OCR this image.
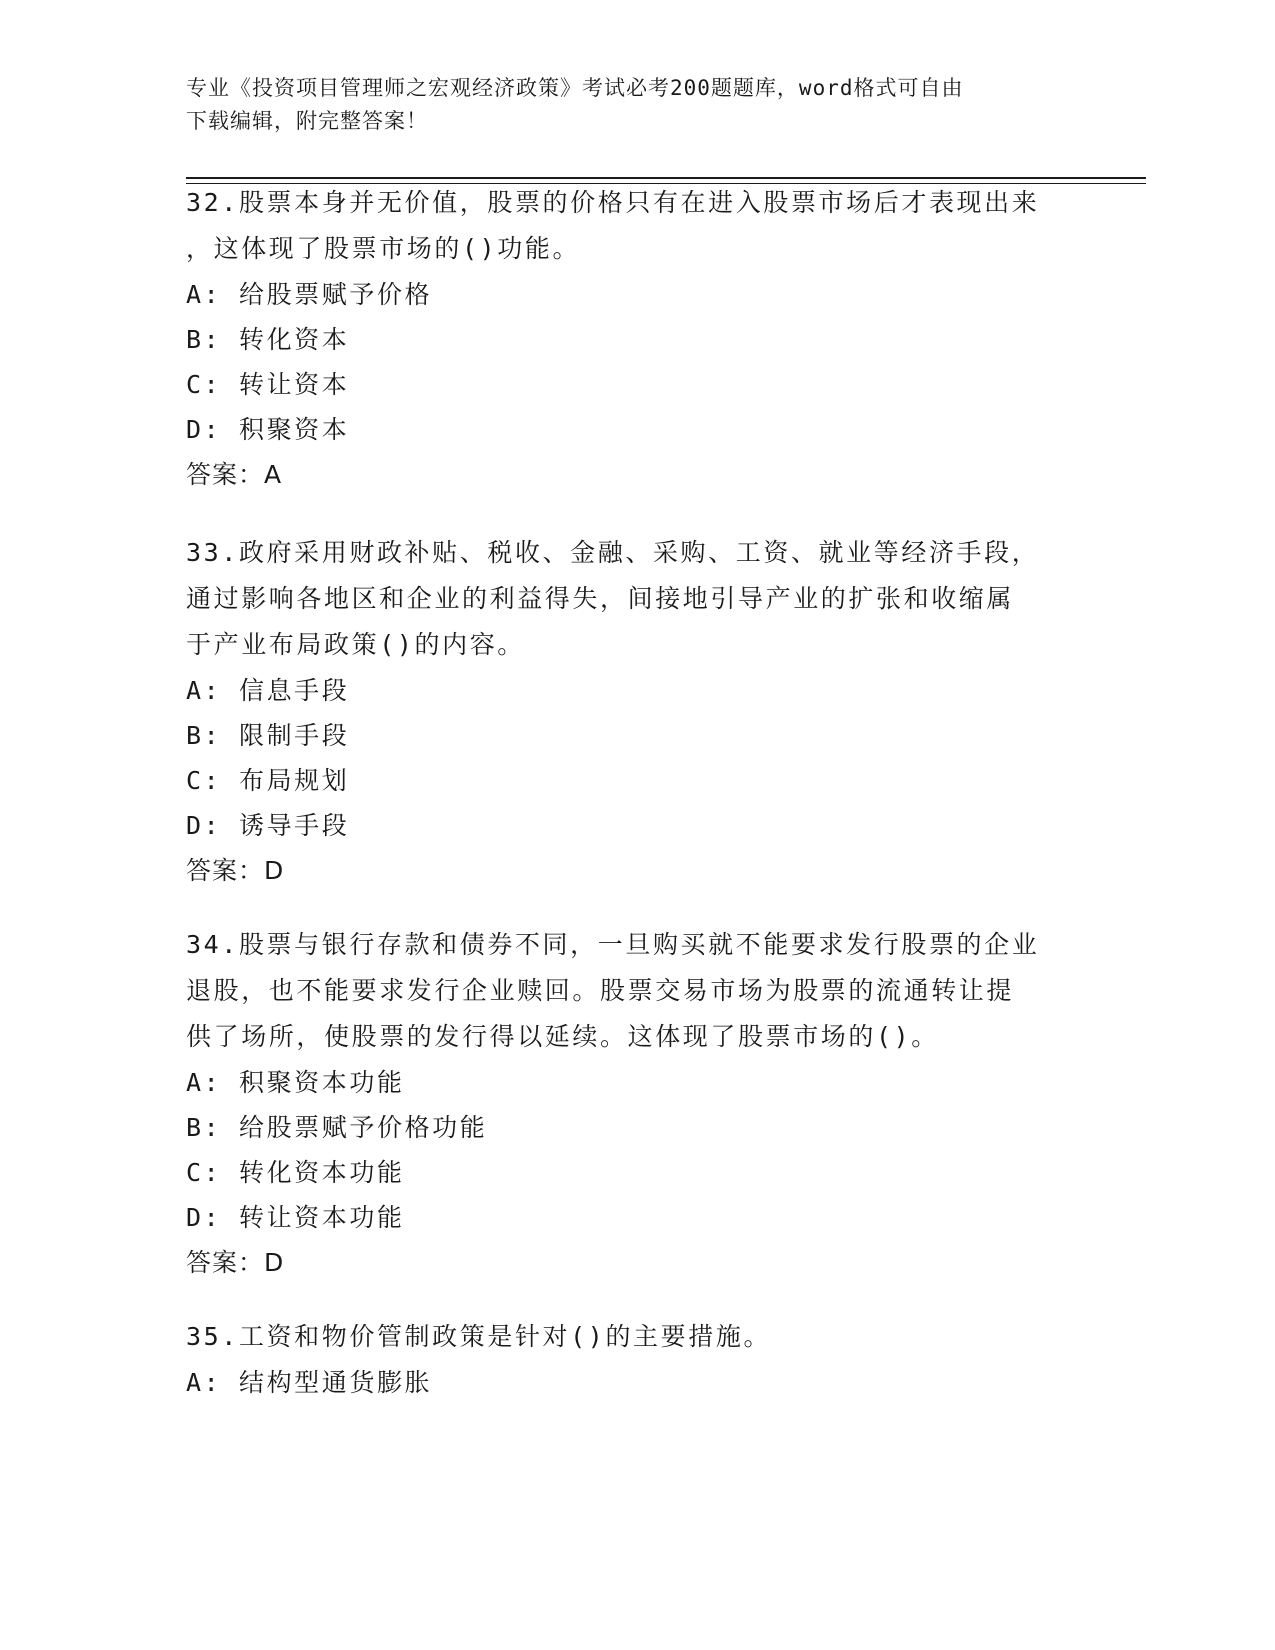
专业《投资项目管理师之宏观经济政策》考试必考200题题库，word格式可自由
下载编辑，附完整答案！

32.股票本身并无价值，股票的价格只有在进入股票市场后才表现出来

，这体现了股票市场的()功能。

A:
给股票赋予价格

B:
转化资本

C:
转让资本

D:
积聚资本

答案：A

33.政府采用财政补贴、税收、金融、采购、工资、就业等经济手段，

通过影响各地区和企业的利益得失，间接地引导产业的扩张和收缩属

于产业布局政策()的内容。

A:
信息手段

B:
限制手段

C:
布局规划

D:
诱导手段

答案：D

34.股票与银行存款和债券不同，一旦购买就不能要求发行股票的企业

退股，也不能要求发行企业赎回。股票交易市场为股票的流通转让提

供了场所，使股票的发行得以延续。这体现了股票市场的()。

A:
积聚资本功能

B:
给股票赋予价格功能

C:
转化资本功能

D:
转让资本功能

答案：D

35.工资和物价管制政策是针对()的主要措施。

A:
结构型通货膨胀
